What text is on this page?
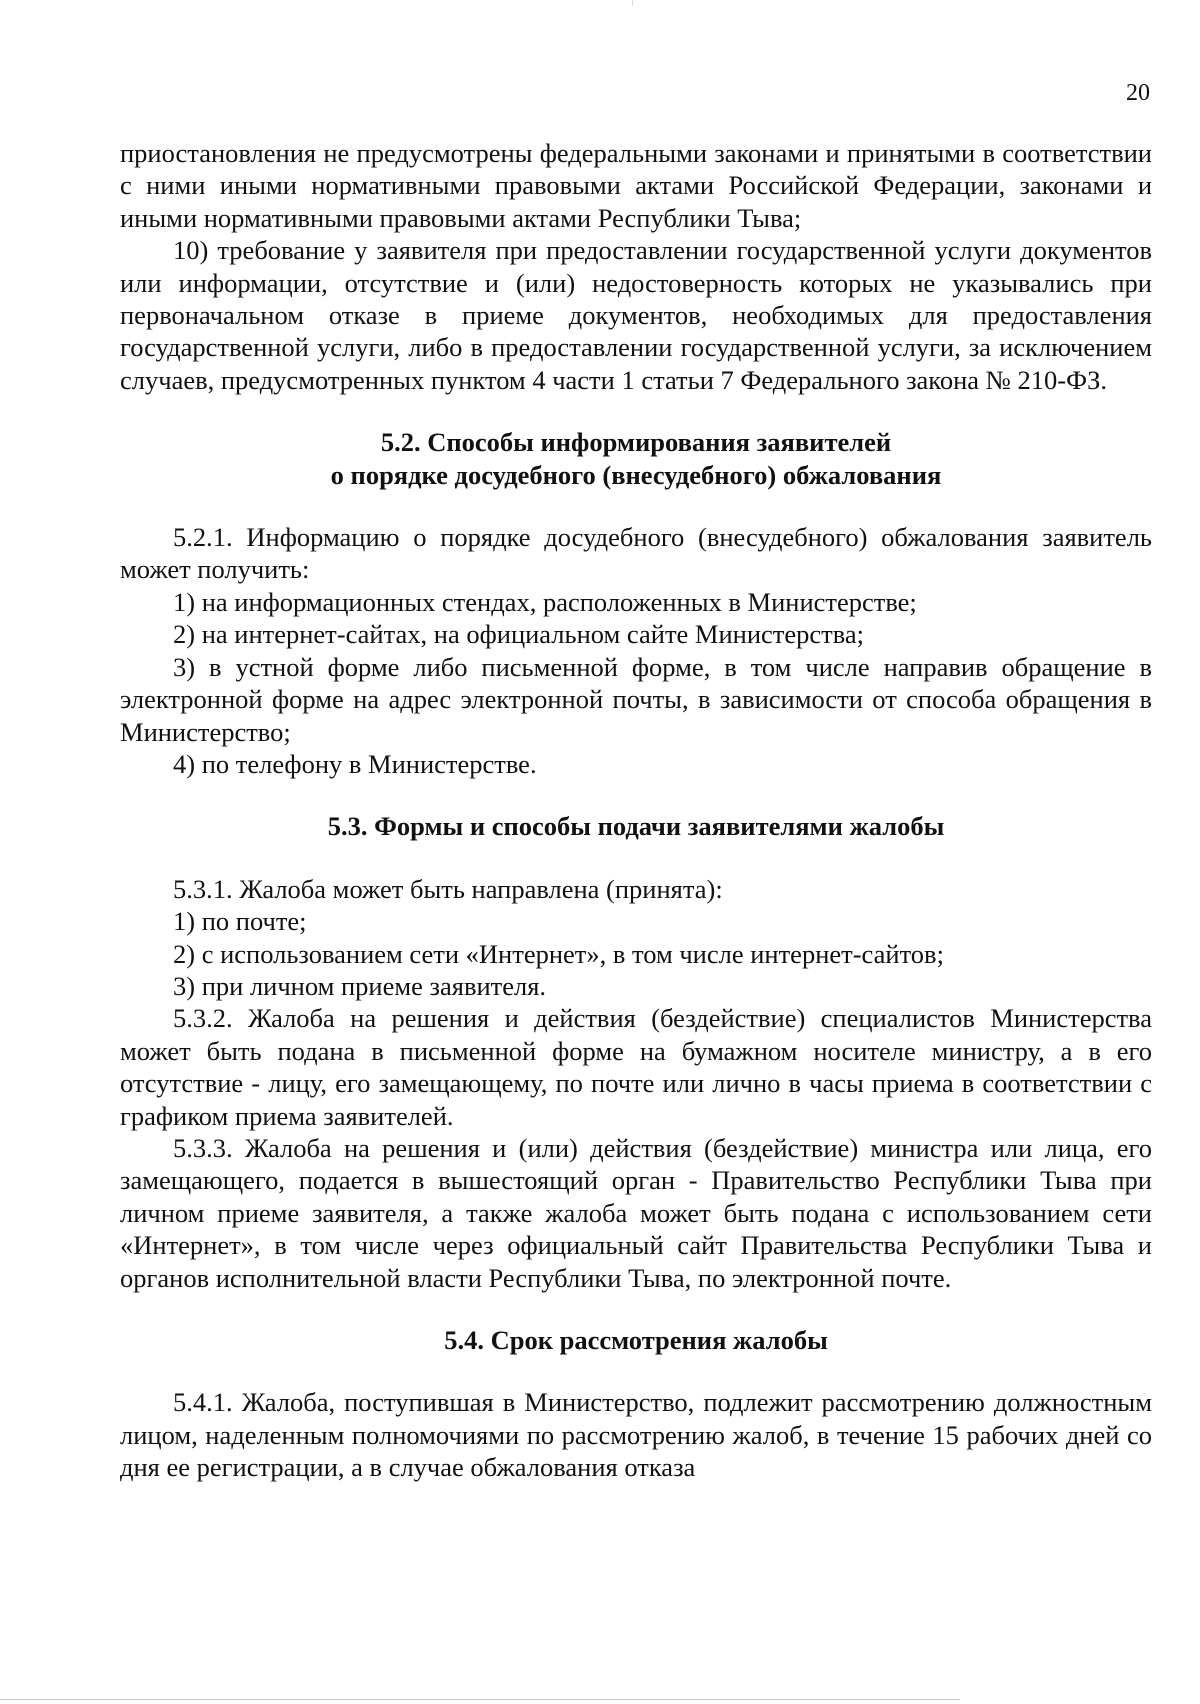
20

приостановления не предусмотрены федеральными законами и принятыми в соответствии с ними иными нормативными правовыми актами Российской Федерации, законами и иными нормативными правовыми актами Республики Тыва;

10) требование у заявителя при предоставлении государственной услуги документов или информации, отсутствие и (или) недостоверность которых не указывались при первоначальном отказе в приеме документов, необходимых для предоставления государственной услуги, либо в предоставлении государственной услуги, за исключением случаев, предусмотренных пунктом 4 части 1 статьи 7 Федерального закона № 210-ФЗ.

5.2. Способы информирования заявителей
о порядке досудебного (внесудебного) обжалования

5.2.1. Информацию о порядке досудебного (внесудебного) обжалования заявитель может получить:

1) на информационных стендах, расположенных в Министерстве;

2) на интернет-сайтах, на официальном сайте Министерства;

3) в устной форме либо письменной форме, в том числе направив обращение в электронной форме на адрес электронной почты, в зависимости от способа обращения в Министерство;

4) по телефону в Министерстве.

5.3. Формы и способы подачи заявителями жалобы

5.3.1. Жалоба может быть направлена (принята):

1) по почте;

2) с использованием сети «Интернет», в том числе интернет-сайтов;

3) при личном приеме заявителя.

5.3.2. Жалоба на решения и действия (бездействие) специалистов Министерства может быть подана в письменной форме на бумажном носителе министру, а в его отсутствие - лицу, его замещающему, по почте или лично в часы приема в соответствии с графиком приема заявителей.

5.3.3. Жалоба на решения и (или) действия (бездействие) министра или лица, его замещающего, подается в вышестоящий орган - Правительство Республики Тыва при личном приеме заявителя, а также жалоба может быть подана с использованием сети «Интернет», в том числе через официальный сайт Правительства Республики Тыва и органов исполнительной власти Республики Тыва, по электронной почте.

5.4. Срок рассмотрения жалобы

5.4.1. Жалоба, поступившая в Министерство, подлежит рассмотрению должностным лицом, наделенным полномочиями по рассмотрению жалоб, в течение 15 рабочих дней со дня ее регистрации, а в случае обжалования отказа
